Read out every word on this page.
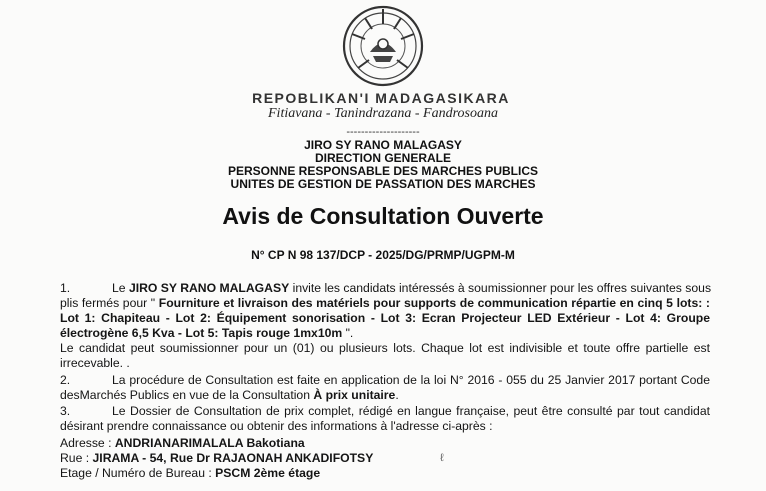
REPOBLIKAN'I MADAGASIKARA
Fitiavana - Tanindrazana - Fandrosoana
--------------------
JIRO SY RANO MALAGASY
DIRECTION GENERALE
PERSONNE RESPONSABLE DES MARCHES PUBLICS
UNITES DE GESTION DE PASSATION DES MARCHES
Avis de Consultation Ouverte
N° CP N 98 137/DCP - 2025/DG/PRMP/UGPM-M
1.	Le JIRO SY RANO MALAGASY invite les candidats intéressés à soumissionner pour les offres suivantes sous
plis fermés pour " Fourniture et livraison des matériels pour supports de communication répartie en cinq 5 lots: :
Lot 1: Chapiteau - Lot 2: Équipement sonorisation - Lot 3: Ecran Projecteur LED Extérieur - Lot 4: Groupe
électrogène 6,5 Kva - Lot 5: Tapis rouge 1mx10m ".
Le candidat peut soumissionner pour un (01) ou plusieurs lots. Chaque lot est indivisible et toute offre partielle est
irrecevable. .
2.	La procédure de Consultation est faite en application de la loi N° 2016 - 055 du 25 Janvier 2017 portant Code
desMarchés Publics en vue de la Consultation À prix unitaire.
3.	Le Dossier de Consultation de prix complet, rédigé en langue française, peut être consulté par tout candidat
désirant prendre connaissance ou obtenir des informations à l'adresse ci-après :
Adresse : ANDRIANARIMALALA Bakotiana
Rue : JIRAMA - 54, Rue Dr RAJAONAH ANKADIFOTSY
Etage / Numéro de Bureau : PSCM 2ème étage
ℓ
